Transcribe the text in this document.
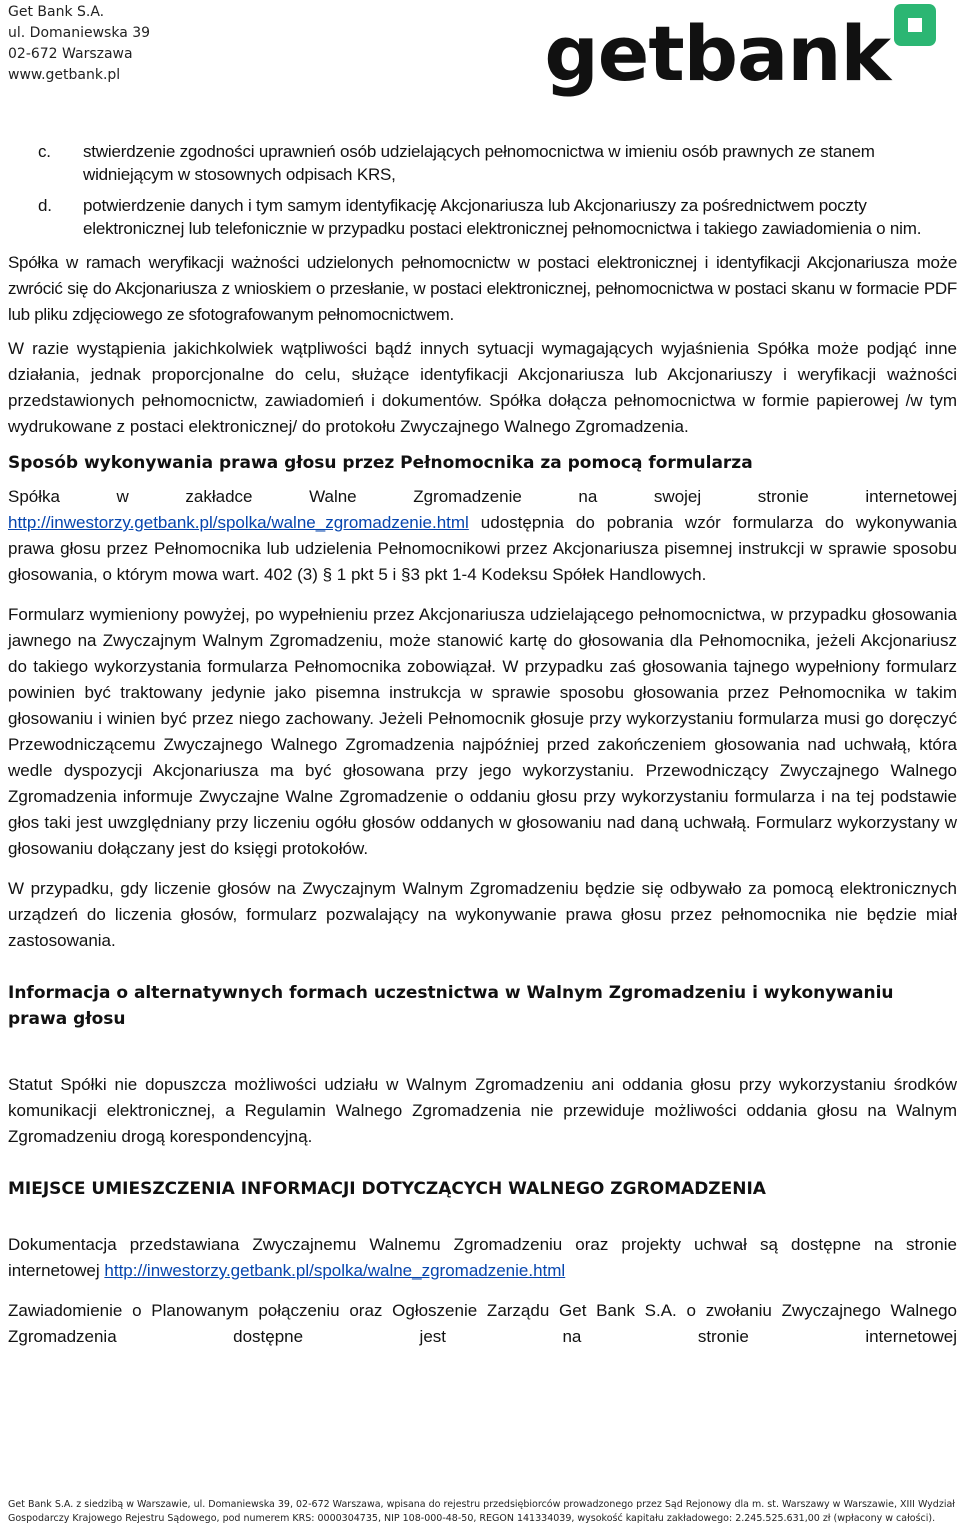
Get Bank S.A.
ul. Domaniewska 39
02-672 Warszawa
www.getbank.pl	getbank
c.	stwierdzenie zgodności uprawnień osób udzielających pełnomocnictwa w imieniu osób prawnych ze stanem widniejącym w stosownych odpisach KRS,
d.	potwierdzenie danych i tym samym identyfikację Akcjonariusza lub Akcjonariuszy za pośrednictwem poczty elektronicznej lub telefonicznie w przypadku postaci elektronicznej pełnomocnictwa i takiego zawiadomienia o nim.

Spółka w ramach weryfikacji ważności udzielonych pełnomocnictw w postaci elektronicznej i identyfikacji Akcjonariusza może zwrócić się do Akcjonariusza z wnioskiem o przesłanie, w postaci elektronicznej, pełnomocnictwa w postaci skanu w formacie PDF lub pliku zdjęciowego ze sfotografowanym pełnomocnictwem.

W razie wystąpienia jakichkolwiek wątpliwości bądź innych sytuacji wymagających wyjaśnienia Spółka może podjąć inne działania, jednak proporcjonalne do celu, służące identyfikacji Akcjonariusza lub Akcjonariuszy i weryfikacji ważności przedstawionych pełnomocnictw, zawiadomień i dokumentów. Spółka dołącza pełnomocnictwa w formie papierowej /w tym wydrukowane z postaci elektronicznej/ do protokołu Zwyczajnego Walnego Zgromadzenia.

Sposób wykonywania prawa głosu przez Pełnomocnika za pomocą formularza

Spółka w zakładce Walne Zgromadzenie na swojej stronie internetowej http://inwestorzy.getbank.pl/spolka/walne_zgromadzenie.html udostępnia do pobrania wzór formularza do wykonywania prawa głosu przez Pełnomocnika lub udzielenia Pełnomocnikowi przez Akcjonariusza pisemnej instrukcji w sprawie sposobu głosowania, o którym mowa wart. 402 (3) § 1 pkt 5 i §3 pkt 1-4 Kodeksu Spółek Handlowych.

Formularz wymieniony powyżej, po wypełnieniu przez Akcjonariusza udzielającego pełnomocnictwa, w przypadku głosowania jawnego na Zwyczajnym Walnym Zgromadzeniu, może stanowić kartę do głosowania dla Pełnomocnika, jeżeli Akcjonariusz do takiego wykorzystania formularza Pełnomocnika zobowiązał. W przypadku zaś głosowania tajnego wypełniony formularz powinien być traktowany jedynie jako pisemna instrukcja w sprawie sposobu głosowania przez Pełnomocnika w takim głosowaniu i winien być przez niego zachowany. Jeżeli Pełnomocnik głosuje przy wykorzystaniu formularza musi go doręczyć Przewodniczącemu Zwyczajnego Walnego Zgromadzenia najpóźniej przed zakończeniem głosowania nad uchwałą, która wedle dyspozycji Akcjonariusza ma być głosowana przy jego wykorzystaniu. Przewodniczący Zwyczajnego Walnego Zgromadzenia informuje Zwyczajne Walne Zgromadzenie o oddaniu głosu przy wykorzystaniu formularza i na tej podstawie głos taki jest uwzględniany przy liczeniu ogółu głosów oddanych w głosowaniu nad daną uchwałą. Formularz wykorzystany w głosowaniu dołączany jest do księgi protokołów.

W przypadku, gdy liczenie głosów na Zwyczajnym Walnym Zgromadzeniu będzie się odbywało za pomocą elektronicznych urządzeń do liczenia głosów, formularz pozwalający na wykonywanie prawa głosu przez pełnomocnika nie będzie miał zastosowania.

Informacja o alternatywnych formach uczestnictwa w Walnym Zgromadzeniu i wykonywaniu prawa głosu

Statut Spółki nie dopuszcza możliwości udziału w Walnym Zgromadzeniu ani oddania głosu przy wykorzystaniu środków komunikacji elektronicznej, a Regulamin Walnego Zgromadzenia nie przewiduje możliwości oddania głosu na Walnym Zgromadzeniu drogą korespondencyjną.

MIEJSCE UMIESZCZENIA INFORMACJI DOTYCZĄCYCH WALNEGO ZGROMADZENIA

Dokumentacja przedstawiana Zwyczajnemu Walnemu Zgromadzeniu oraz projekty uchwał są dostępne na stronie internetowej http://inwestorzy.getbank.pl/spolka/walne_zgromadzenie.html

Zawiadomienie o Planowanym połączeniu oraz Ogłoszenie Zarządu Get Bank S.A. o zwołaniu Zwyczajnego Walnego Zgromadzenia dostępne jest na stronie internetowej

Get Bank S.A. z siedzibą w Warszawie, ul. Domaniewska 39, 02-672 Warszawa, wpisana do rejestru przedsiębiorców prowadzonego przez Sąd Rejonowy dla m. st. Warszawy w Warszawie, XIII Wydział
Gospodarczy Krajowego Rejestru Sądowego, pod numerem KRS: 0000304735, NIP 108-000-48-50, REGON 141334039, wysokość kapitału zakładowego: 2.245.525.631,00 zł (wpłacony w całości).
